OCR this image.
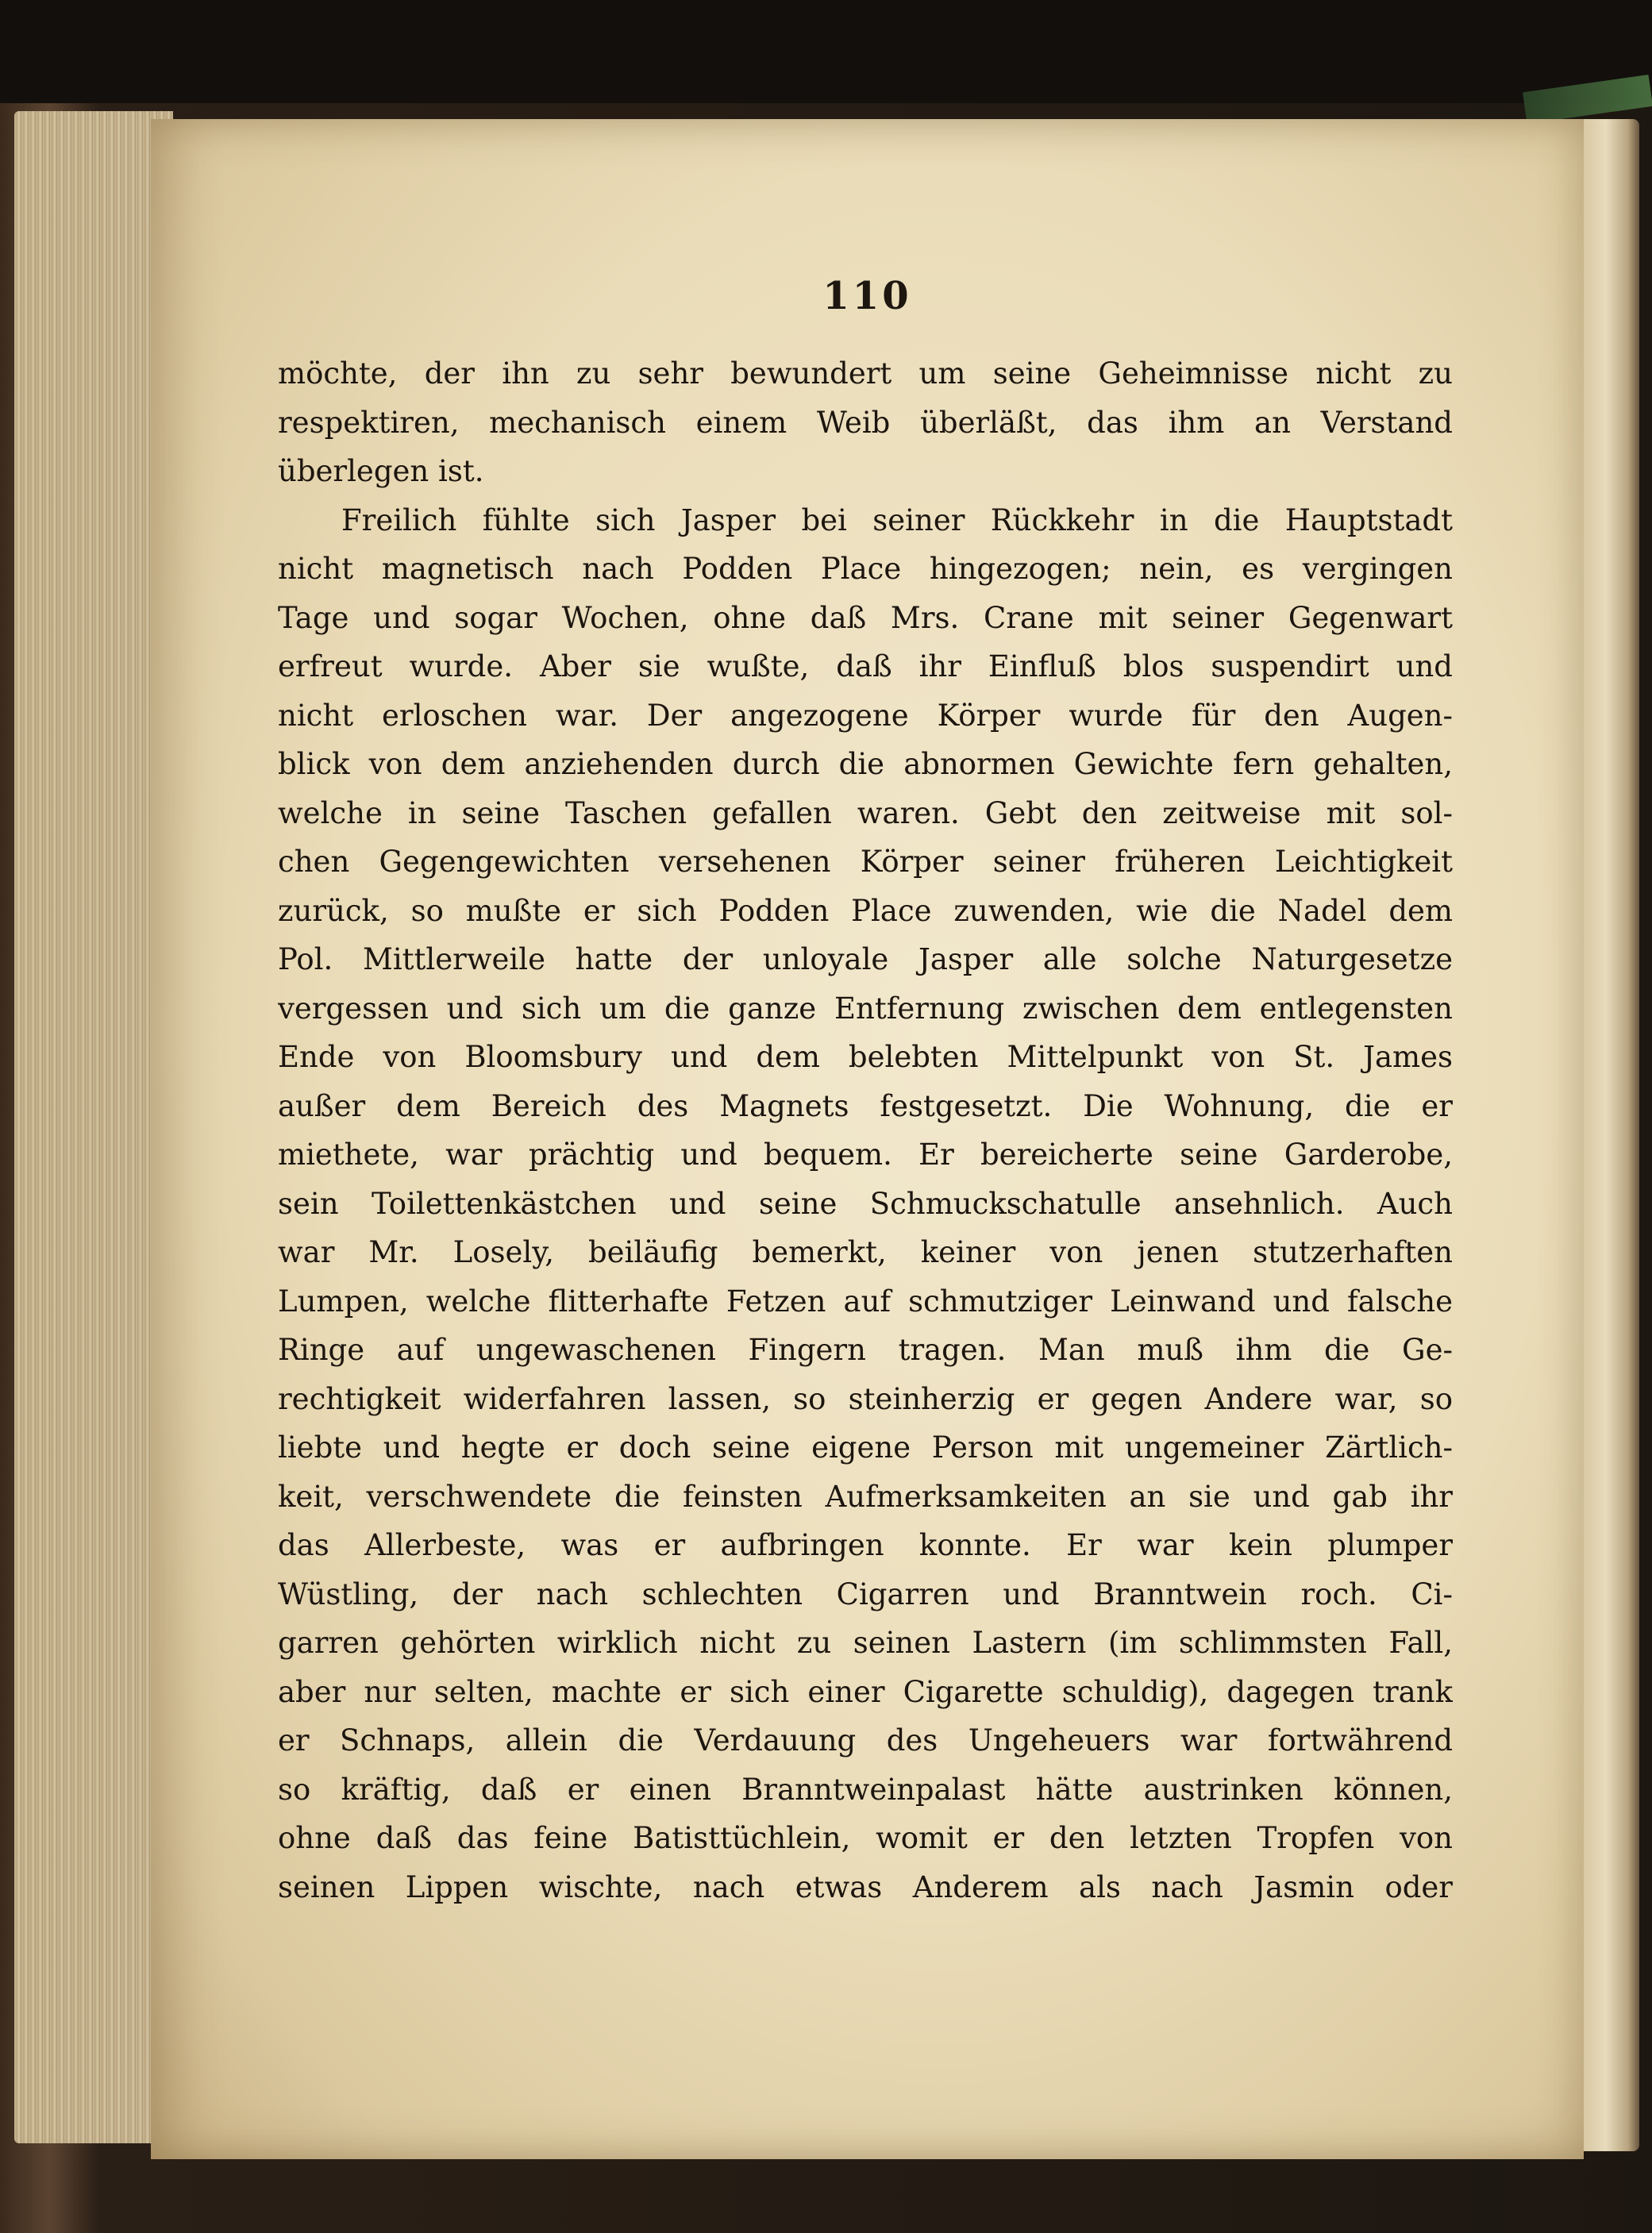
110
möchte, der ihn zu sehr bewundert um seine Geheimnisse nicht zu
respektiren, mechanisch einem Weib überläßt, das ihm an Verstand
überlegen ist.
Freilich fühlte sich Jasper bei seiner Rückkehr in die Hauptstadt
nicht magnetisch nach Podden Place hingezogen; nein, es vergingen
Tage und sogar Wochen, ohne daß Mrs. Crane mit seiner Gegenwart
erfreut wurde. Aber sie wußte, daß ihr Einfluß blos suspendirt und
nicht erloschen war. Der angezogene Körper wurde für den Augen-
blick von dem anziehenden durch die abnormen Gewichte fern gehalten,
welche in seine Taschen gefallen waren. Gebt den zeitweise mit sol-
chen Gegengewichten versehenen Körper seiner früheren Leichtigkeit
zurück, so mußte er sich Podden Place zuwenden, wie die Nadel dem
Pol. Mittlerweile hatte der unloyale Jasper alle solche Naturgesetze
vergessen und sich um die ganze Entfernung zwischen dem entlegensten
Ende von Bloomsbury und dem belebten Mittelpunkt von St. James
außer dem Bereich des Magnets festgesetzt. Die Wohnung, die er
miethete, war prächtig und bequem. Er bereicherte seine Garderobe,
sein Toilettenkästchen und seine Schmuckschatulle ansehnlich. Auch
war Mr. Losely, beiläufig bemerkt, keiner von jenen stutzerhaften
Lumpen, welche flitterhafte Fetzen auf schmutziger Leinwand und falsche
Ringe auf ungewaschenen Fingern tragen. Man muß ihm die Ge-
rechtigkeit widerfahren lassen, so steinherzig er gegen Andere war, so
liebte und hegte er doch seine eigene Person mit ungemeiner Zärtlich-
keit, verschwendete die feinsten Aufmerksamkeiten an sie und gab ihr
das Allerbeste, was er aufbringen konnte. Er war kein plumper
Wüstling, der nach schlechten Cigarren und Branntwein roch. Ci-
garren gehörten wirklich nicht zu seinen Lastern (im schlimmsten Fall,
aber nur selten, machte er sich einer Cigarette schuldig), dagegen trank
er Schnaps, allein die Verdauung des Ungeheuers war fortwährend
so kräftig, daß er einen Branntweinpalast hätte austrinken können,
ohne daß das feine Batisttüchlein, womit er den letzten Tropfen von
seinen Lippen wischte, nach etwas Anderem als nach Jasmin oder
